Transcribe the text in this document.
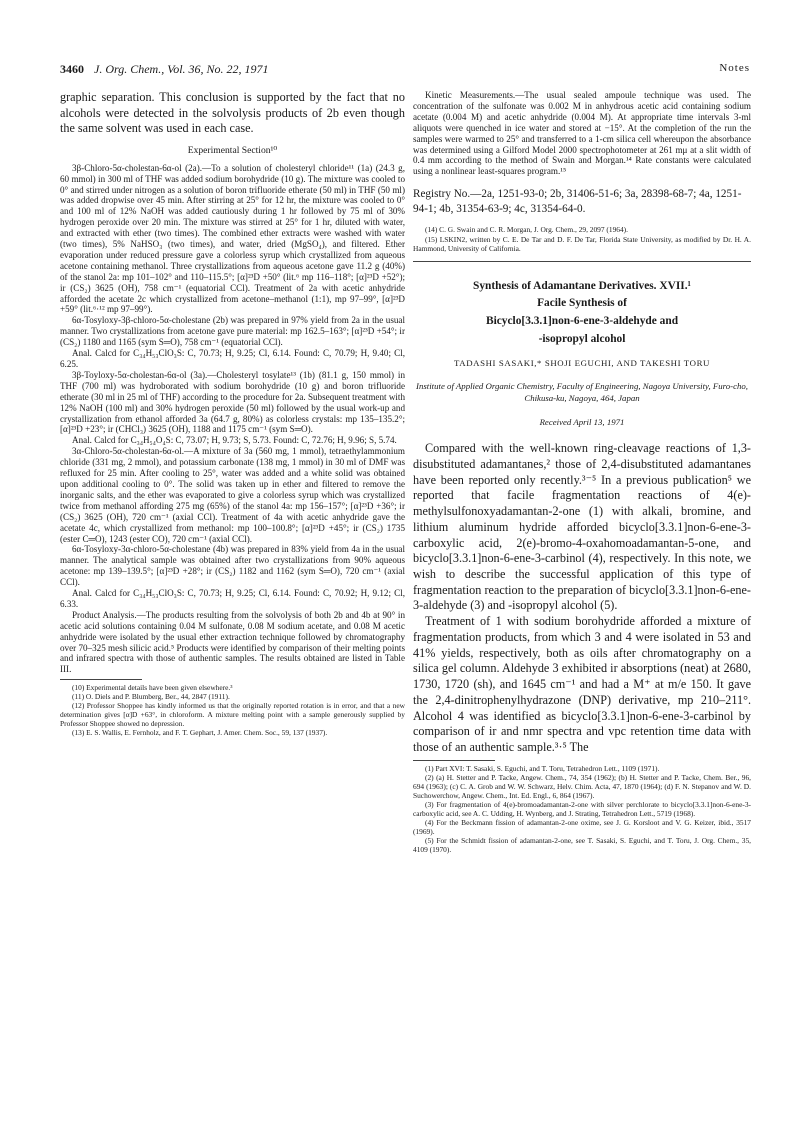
3460 J. Org. Chem., Vol. 36, No. 22, 1971	Notes

graphic separation. This conclusion is supported by the fact that no alcohols were detected in the solvolysis products of 2b even though the same solvent was used in each case.

Experimental Section¹⁰

3β-Chloro-5α-cholestan-6α-ol (2a).—To a solution of cholesteryl chloride¹¹ (1a) (24.3 g, 60 mmol) in 300 ml of THF was added sodium borohydride (10 g). The mixture was cooled to 0° and stirred under nitrogen as a solution of boron trifluoride etherate (50 ml) in THF (50 ml) was added dropwise over 45 min. After stirring at 25° for 12 hr, the mixture was cooled to 0° and 100 ml of 12% NaOH was added cautiously during 1 hr followed by 75 ml of 30% hydrogen peroxide over 20 min. The mixture was stirred at 25° for 1 hr, diluted with water, and extracted with ether (two times). The combined ether extracts were washed with water (two times), 5% NaHSO₃ (two times), and water, dried (MgSO₄), and filtered. Ether evaporation under reduced pressure gave a colorless syrup which crystallized from aqueous acetone containing methanol. Three crystallizations from aqueous acetone gave 11.2 g (40%) of the stanol 2a: mp 101–102° and 110–115.5°; [α]²³D +50° (lit.⁶ mp 116–118°; [α]²³D +52°); ir (CS₂) 3625 (OH), 758 cm⁻¹ (equatorial CCl). Treatment of 2a with acetic anhydride afforded the acetate 2c which crystallized from acetone–methanol (1:1), mp 97–99°, [α]²³D +59° (lit.⁶·¹² mp 97–99°).

6α-Tosyloxy-3β-chloro-5α-cholestane (2b) was prepared in 97% yield from 2a in the usual manner. Two crystallizations from acetone gave pure material: mp 162.5–163°; [α]²³D +54°; ir (CS₂) 1180 and 1165 (sym S═O), 758 cm⁻¹ (equatorial CCl).

Anal. Calcd for C₃₄H₅₃ClO₃S: C, 70.73; H, 9.25; Cl, 6.14. Found: C, 70.79; H, 9.40; Cl, 6.25.

3β-Toyloxy-5α-cholestan-6α-ol (3a).—Cholesteryl tosylate¹³ (1b) (81.1 g, 150 mmol) in THF (700 ml) was hydroborated with sodium borohydride (10 g) and boron trifluoride etherate (30 ml in 25 ml of THF) according to the procedure for 2a. Subsequent treatment with 12% NaOH (100 ml) and 30% hydrogen peroxide (50 ml) followed by the usual work-up and crystallization from ethanol afforded 3a (64.7 g, 80%) as colorless crystals: mp 135–135.2°; [α]²³D +23°; ir (CHCl₃) 3625 (OH), 1188 and 1175 cm⁻¹ (sym S═O).

Anal. Calcd for C₃₄H₅₄O₄S: C, 73.07; H, 9.73; S, 5.73. Found: C, 72.76; H, 9.96; S, 5.74.

3α-Chloro-5α-cholestan-6α-ol.—A mixture of 3a (560 mg, 1 mmol), tetraethylammonium chloride (331 mg, 2 mmol), and potassium carbonate (138 mg, 1 mmol) in 30 ml of DMF was refluxed for 25 min. After cooling to 25°, water was added and a white solid was obtained upon additional cooling to 0°. The solid was taken up in ether and filtered to remove the inorganic salts, and the ether was evaporated to give a colorless syrup which was crystallized twice from methanol affording 275 mg (65%) of the stanol 4a: mp 156–157°; [α]²³D +36°; ir (CS₂) 3625 (OH), 720 cm⁻¹ (axial CCl). Treatment of 4a with acetic anhydride gave the acetate 4c, which crystallized from methanol: mp 100–100.8°; [α]²³D +45°; ir (CS₂) 1735 (ester C═O), 1243 (ester CO), 720 cm⁻¹ (axial CCl).

6α-Tosyloxy-3α-chloro-5α-cholestane (4b) was prepared in 83% yield from 4a in the usual manner. The analytical sample was obtained after two crystallizations from 90% aqueous acetone: mp 139–139.5°; [α]²³D +28°; ir (CS₂) 1182 and 1162 (sym S═O), 720 cm⁻¹ (axial CCl).

Anal. Calcd for C₃₄H₅₃ClO₃S: C, 70.73; H, 9.25; Cl, 6.14. Found: C, 70.92; H, 9.12; Cl, 6.33.

Product Analysis.—The products resulting from the solvolysis of both 2b and 4b at 90° in acetic acid solutions containing 0.04 M sulfonate, 0.08 M sodium acetate, and 0.08 M acetic anhydride were isolated by the usual ether extraction technique followed by chromatography over 70–325 mesh silicic acid.⁵ Products were identified by comparison of their melting points and infrared spectra with those of authentic samples. The results obtained are listed in Table III.

(10) Experimental details have been given elsewhere.³

(11) O. Diels and P. Blumberg, Ber., 44, 2847 (1911).

(12) Professor Shoppee has kindly informed us that the originally reported rotation is in error, and that a new determination gives [α]D +63°, in chloroform. A mixture melting point with a sample generously supplied by Professor Shoppee showed no depression.

(13) E. S. Wallis, E. Fernholz, and F. T. Gephart, J. Amer. Chem. Soc., 59, 137 (1937).

Kinetic Measurements.—The usual sealed ampoule technique was used. The concentration of the sulfonate was 0.002 M in anhydrous acetic acid containing sodium acetate (0.004 M) and acetic anhydride (0.004 M). At appropriate time intervals 3-ml aliquots were quenched in ice water and stored at −15°. At the completion of the run the samples were warmed to 25° and transferred to a 1-cm silica cell whereupon the absorbance was determined using a Gilford Model 2000 spectrophotometer at 261 mμ at a slit width of 0.4 mm according to the method of Swain and Morgan.¹⁴ Rate constants were calculated using a nonlinear least-squares program.¹⁵

Registry No.—2a, 1251-93-0; 2b, 31406-51-6; 3a, 28398-68-7; 4a, 1251-94-1; 4b, 31354-63-9; 4c, 31354-64-0.

(14) C. G. Swain and C. R. Morgan, J. Org. Chem., 29, 2097 (1964).

(15) LSKIN2, written by C. E. De Tar and D. F. De Tar, Florida State University, as modified by Dr. H. A. Hammond, University of California.

Synthesis of Adamantane Derivatives. XVII.¹
Facile Synthesis of
Bicyclo[3.3.1]non-6-ene-3-aldehyde and
-isopropyl alcohol
TADASHI SASAKI,* SHOJI EGUCHI, AND TAKESHI TORU
Institute of Applied Organic Chemistry, Faculty of Engineering, Nagoya University, Furo-cho, Chikusa-ku, Nagoya, 464, Japan
Received April 13, 1971

Compared with the well-known ring-cleavage reactions of 1,3-disubstituted adamantanes,² those of 2,4-disubstituted adamantanes have been reported only recently.³⁻⁵ In a previous publication⁵ we reported that facile fragmentation reactions of 4(e)-methylsulfonoxyadamantan-2-one (1) with alkali, bromine, and lithium aluminum hydride afforded bicyclo[3.3.1]non-6-ene-3-carboxylic acid, 2(e)-bromo-4-oxahomoadamantan-5-one, and bicyclo[3.3.1]non-6-ene-3-carbinol (4), respectively. In this note, we wish to describe the successful application of this type of fragmentation reaction to the preparation of bicyclo[3.3.1]non-6-ene-3-aldehyde (3) and -isopropyl alcohol (5).

Treatment of 1 with sodium borohydride afforded a mixture of fragmentation products, from which 3 and 4 were isolated in 53 and 41% yields, respectively, both as oils after chromatography on a silica gel column. Aldehyde 3 exhibited ir absorptions (neat) at 2680, 1730, 1720 (sh), and 1645 cm⁻¹ and had a M⁺ at m/e 150. It gave the 2,4-dinitrophenylhydrazone (DNP) derivative, mp 210–211°. Alcohol 4 was identified as bicyclo[3.3.1]non-6-ene-3-carbinol by comparison of ir and nmr spectra and vpc retention time data with those of an authentic sample.³·⁵ The

(1) Part XVI: T. Sasaki, S. Eguchi, and T. Toru, Tetrahedron Lett., 1109 (1971).

(2) (a) H. Stetter and P. Tacke, Angew. Chem., 74, 354 (1962); (b) H. Stetter and P. Tacke, Chem. Ber., 96, 694 (1963); (c) C. A. Grob and W. W. Schwarz, Helv. Chim. Acta, 47, 1870 (1964); (d) F. N. Stepanov and W. D. Suchowerchow, Angew. Chem., Int. Ed. Engl., 6, 864 (1967).

(3) For fragmentation of 4(e)-bromoadamantan-2-one with silver perchlorate to bicyclo[3.3.1]non-6-ene-3-carboxylic acid, see A. C. Udding, H. Wynberg, and J. Strating, Tetrahedron Lett., 5719 (1968).

(4) For the Beckmann fission of adamantan-2-one oxime, see J. G. Korsloot and V. G. Keizer, ibid., 3517 (1969).

(5) For the Schmidt fission of adamantan-2-one, see T. Sasaki, S. Eguchi, and T. Toru, J. Org. Chem., 35, 4109 (1970).
